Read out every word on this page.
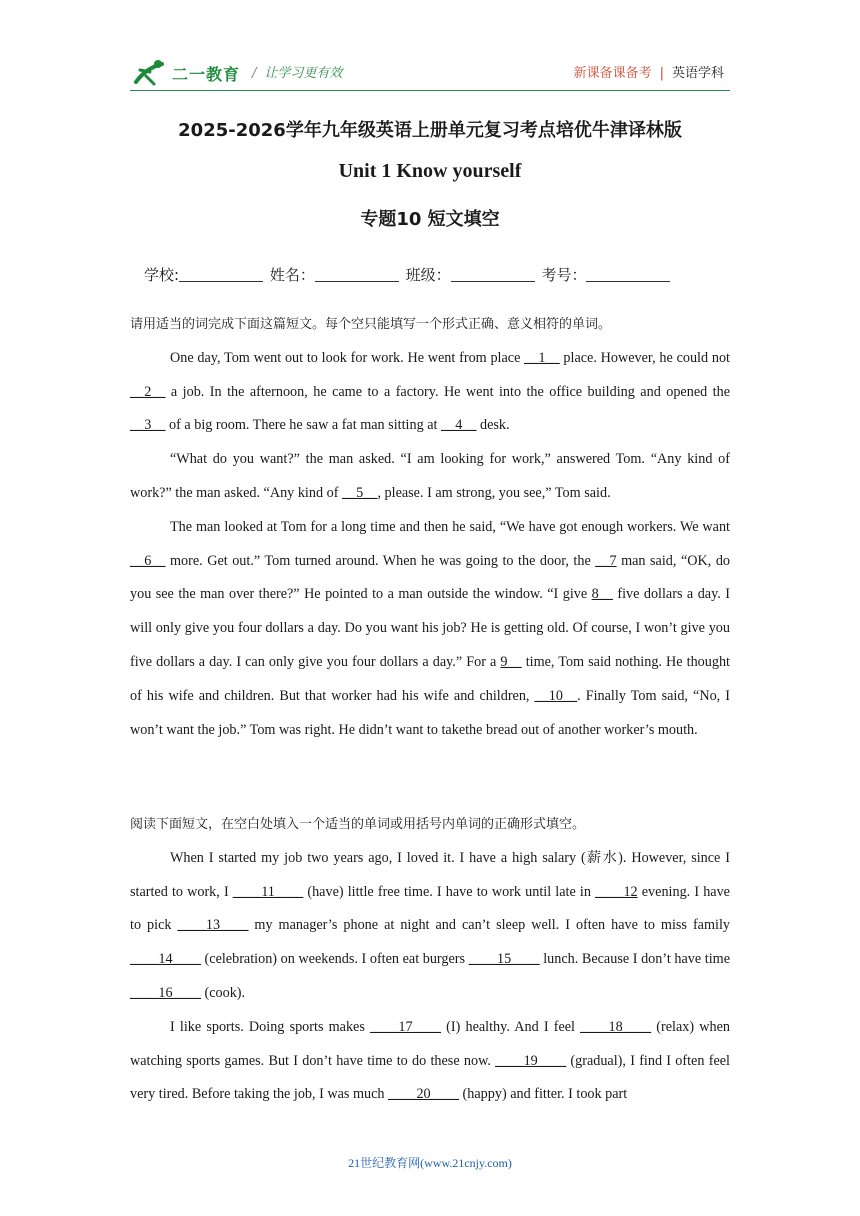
二一教育 / 让学习更有效	新课备课备考 | 英语学科
2025-2026学年九年级英语上册单元复习考点培优牛津译林版
Unit 1 Know yourself
专题10 短文填空
学校:	姓名：	班级：	考号：

请用适当的词完成下面这篇短文。每个空只能填写一个形式正确、意义相符的单词。

One day, Tom went out to look for work. He went from place __1__ place. However, he could not __2__ a job. In the afternoon, he came to a factory. He went into the office building and opened the __3__ of a big room. There he saw a fat man sitting at __4__ desk.

“What do you want?” the man asked. “I am looking for work,” answered Tom. “Any kind of work?” the man asked. “Any kind of __5__, please. I am strong, you see,” Tom said.

The man looked at Tom for a long time and then he said, “We have got enough workers. We want __6__ more. Get out.” Tom turned around. When he was going to the door, the __7 man said, “OK, do you see the man over there?” He pointed to a man outside the window. “I give 8__ five dollars a day. I will only give you four dollars a day. Do you want his job? He is getting old. Of course, I won’t give you five dollars a day. I can only give you four dollars a day.” For a 9__ time, Tom said nothing. He thought of his wife and children. But that worker had his wife and children, __10__. Finally Tom said, “No, I won’t want the job.” Tom was right. He didn’t want to takethe bread out of another worker’s mouth.

阅读下面短文，在空白处填入一个适当的单词或用括号内单词的正确形式填空。

When I started my job two years ago, I loved it. I have a high salary (薪水). However, since I started to work, I ____11____ (have) little free time. I have to work until late in ____12 evening. I have to pick ____13____ my manager’s phone at night and can’t sleep well. I often have to miss family ____14____ (celebration) on weekends. I often eat burgers ____15____ lunch. Because I don’t have time ____16____ (cook).

I like sports. Doing sports makes ____17____ (I) healthy. And I feel ____18____ (relax) when watching sports games. But I don’t have time to do these now. ____19____ (gradual), I find I often feel very tired. Before taking the job, I was much ____20____ (happy) and fitter. I took part

21世纪教育网(www.21cnjy.com)
